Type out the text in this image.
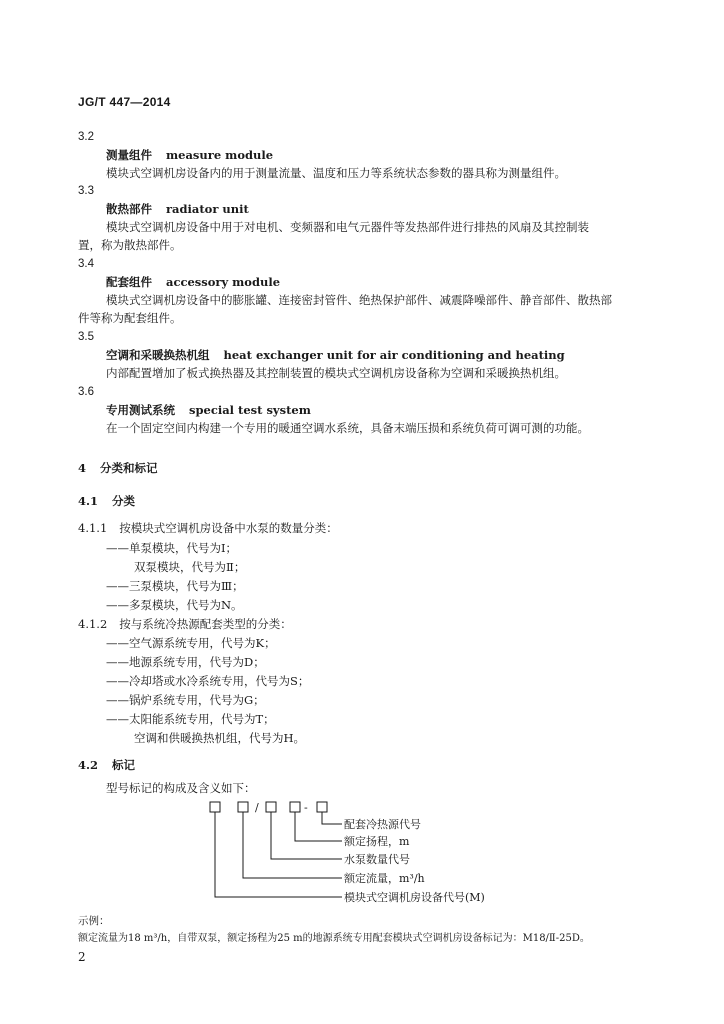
JG/T 447—2014
3.2
测量组件 measure module
模块式空调机房设备内的用于测量流量、温度和压力等系统状态参数的器具称为测量组件。
3.3
散热部件 radiator unit
模块式空调机房设备中用于对电机、变频器和电气元器件等发热部件进行排热的风扇及其控制装
置，称为散热部件。
3.4
配套组件 accessory module
模块式空调机房设备中的膨胀罐、连接密封管件、绝热保护部件、减震降噪部件、静音部件、散热部
件等称为配套组件。
3.5
空调和采暖换热机组 heat exchanger unit for air conditioning and heating
内部配置增加了板式换热器及其控制装置的模块式空调机房设备称为空调和采暖换热机组。
3.6
专用测试系统 special test system
在一个固定空间内构建一个专用的暖通空调水系统，具备末端压损和系统负荷可调可测的功能。
4 分类和标记
4.1 分类
4.1.1 按模块式空调机房设备中水泵的数量分类：
——单泵模块，代号为Ⅰ；
双泵模块，代号为Ⅱ；
——三泵模块，代号为Ⅲ；
——多泵模块，代号为N。
4.1.2 按与系统冷热源配套类型的分类：
——空气源系统专用，代号为K；
——地源系统专用，代号为D；
——冷却塔或水冷系统专用，代号为S；
——锅炉系统专用，代号为G；
——太阳能系统专用，代号为T；
空调和供暖换热机组，代号为H。
4.2 标记
型号标记的构成及含义如下：
/	-
配套冷热源代号
额定扬程，m
水泵数量代号
额定流量，m³/h
模块式空调机房设备代号(M)
示例：
额定流量为18 m³/h，自带双泵，额定扬程为25 m的地源系统专用配套模块式空调机房设备标记为：M18/Ⅱ-25D。
2
